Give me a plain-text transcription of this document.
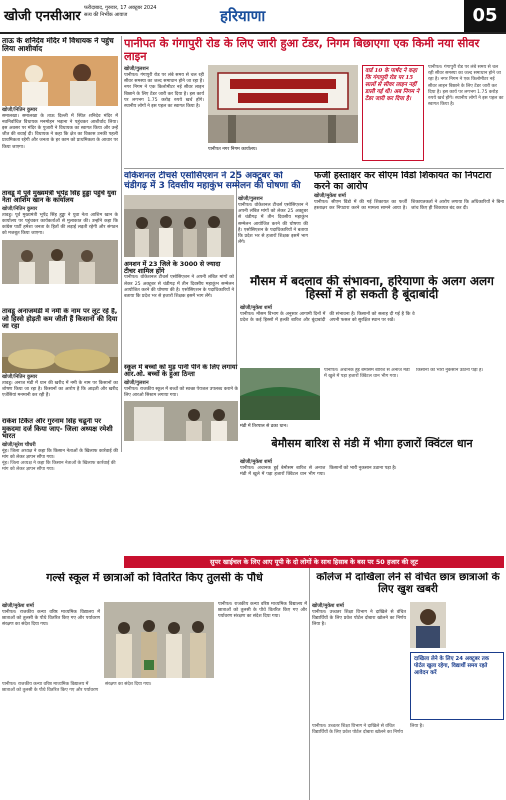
खोजी एनसीआर
फरीदाबाद, गुरुवार, 17 अक्टूबर 2024
सत्य की निर्भीक आवाज	हरियाणा	05
ताऊ के शनिदेव मंदिर में विधायक ने पहुंच लिया आशीर्वाद
खोजी/नितिन कुमार
समालखा। समालखा के ताऊ दिल्ली में स्थित शनिदेव मंदिर में नवनिर्वाचित विधायक मनमोहन भड़ाना ने पहुंचकर आशीर्वाद लिया। इस अवसर पर मंदिर के पुजारी ने विधायक का स्वागत किया और उन्हें जीत की बधाई दी। विधायक ने कहा कि क्षेत्र का विकास उनकी पहली प्राथमिकता रहेगी और जनता के हर काम को प्राथमिकता के आधार पर किया जाएगा।
पानीपत के गंगापुरी रोड के लिए जारी हुआ टेंडर, निगम बिछाएगा एक किमी नया सीवर लाइन
खोजी/गुलशन
पानीपत। गंगापुरी रोड पर लंबे समय से चल रही सीवर समस्या का जल्द समाधान होने जा रहा है। नगर निगम ने एक किलोमीटर नई सीवर लाइन बिछाने के लिए टेंडर जारी कर दिया है। इस कार्य पर लगभग 1.75 करोड़ रुपये खर्च होंगे। स्थानीय लोगों ने इस पहल का स्वागत किया है।
पानीपत नगर निगम कार्यालय।
वार्ड 10 के पार्षद ने कहा कि गंगापुरी रोड पर 15 सालों से सीवर लाइन नहीं डाली गई थी। अब निगम ने टेंडर जारी कर दिया है।
पानीपत। गंगापुरी रोड पर लंबे समय से चल रही सीवर समस्या का जल्द समाधान होने जा रहा है। नगर निगम ने एक किलोमीटर नई सीवर लाइन बिछाने के लिए टेंडर जारी कर दिया है। इस कार्य पर लगभग 1.75 करोड़ रुपये खर्च होंगे। स्थानीय लोगों ने इस पहल का स्वागत किया है।
तावडू में पूर्व मुख्यमंत्री भूपेंद्र सिंह हुड्डा पहुंचे युवा नेता आशिम खान के कार्यालय
खोजी/नितिन कुमार
तावडू। पूर्व मुख्यमंत्री भूपेंद्र सिंह हुड्डा ने युवा नेता आशिम खान के कार्यालय पर पहुंचकर कार्यकर्ताओं से मुलाकात की। उन्होंने कहा कि कांग्रेस पार्टी हमेशा जनता के हितों की लड़ाई लड़ती रहेगी और संगठन को मजबूत किया जाएगा।
वोकेशनल टीचर्स एसोसिएशन ने 25 अक्टूबर को चंडीगढ़ में 3 दिवसीय महाकुंभ सम्मेलन की घोषणा की
खोजी/गुलशन
पानीपत। वोकेशनल टीचर्स एसोसिएशन ने अपनी लंबित मांगों को लेकर 25 अक्टूबर से चंडीगढ़ में तीन दिवसीय महाकुंभ सम्मेलन आयोजित करने की घोषणा की है। एसोसिएशन के पदाधिकारियों ने बताया कि प्रदेश भर से हजारों शिक्षक इसमें भाग लेंगे।
अनशन में 23 जिले के 3000 से ज्यादा टीचर शामिल होंगे
पानीपत। वोकेशनल टीचर्स एसोसिएशन ने अपनी लंबित मांगों को लेकर 25 अक्टूबर से चंडीगढ़ में तीन दिवसीय महाकुंभ सम्मेलन आयोजित करने की घोषणा की है। एसोसिएशन के पदाधिकारियों ने बताया कि प्रदेश भर से हजारों शिक्षक इसमें भाग लेंगे।
फर्जी हस्ताक्षर कर सीएम विंडो शिकायत का निपटारा करने का आरोप
खोजी/मुकेश शर्मा
पानीपत। सीएम विंडो में की गई शिकायत का फर्जी हस्ताक्षर कर निपटारा करने का मामला सामने आया है। शिकायतकर्ता ने आरोप लगाया कि अधिकारियों ने बिना जांच किए ही शिकायत बंद कर दी।
तावडू अनाजमंडी में नमी के नाम पर लूट रहे हैं, जो हिस्से होड़ती कम जीती हैं किसानों की दिया जा रहा
खोजी/नितिन कुमार
तावडू। अनाज मंडी में धान की खरीद में नमी के नाम पर किसानों का शोषण किया जा रहा है। किसानों का आरोप है कि आढ़ती और खरीद एजेंसियां मनमानी कर रही हैं।
मौसम में बदलाव की संभावना, हरियाणा के अलग अलग हिस्सों में हो सकती है बूंदाबांदी
खोजी/मुकेश शर्मा
पानीपत। मौसम विभाग के अनुसार आगामी दिनों में प्रदेश के कई हिस्सों में हल्की बारिश और बूंदाबांदी की संभावना है। किसानों को सलाह दी गई है कि वे अपनी फसल को सुरक्षित स्थान पर रखें।
स्कूल में बच्चों को मुड़ पानी पीने के लिए लगाया आर.ओ. बच्चों के हुआ ठिन्ता
खोजी/गुलशन
पानीपत। राजकीय स्कूल में बच्चों को स्वच्छ पेयजल उपलब्ध कराने के लिए आरओ सिस्टम लगाया गया।
मंडी में तिरपाल से ढका धान।
पानीपत। अचानक हुई बेमौसम बारिश से अनाज मंडी में खुले में पड़ा हजारों क्विंटल धान भीग गया। किसानों को भारी नुकसान उठाना पड़ा है।
बेमौसम बारिश से मंडी में भीगा हजारों क्विंटल धान
खोजी/मुकेश शर्मा
पानीपत। अचानक हुई बेमौसम बारिश से अनाज मंडी में खुले में पड़ा हजारों क्विंटल धान भीग गया। किसानों को भारी नुकसान उठाना पड़ा है।
राकेश टिकैत और गुरनाम सिंह चढूनी पर मुकदमा दर्ज किया जाए- जिला अध्यक्ष रमेशी भारत
खोजी/सुरेश चौधरी
नूंह। जिला अध्यक्ष ने कहा कि किसान नेताओं के खिलाफ कार्रवाई की मांग को लेकर ज्ञापन सौंपा गया।
नूंह। जिला अध्यक्ष ने कहा कि किसान नेताओं के खिलाफ कार्रवाई की मांग को लेकर ज्ञापन सौंपा गया।
सुपर खाईचल के लिए आए यूपी के दो लोगों के साथ हिसाब के बस पर 50 हजार की लूट
गर्ल्स स्कूल में छात्राओं को वितरित किए तुलसी के पौधे
खोजी/मुकेश शर्मा
पानीपत। राजकीय कन्या वरिष्ठ माध्यमिक विद्यालय में छात्राओं को तुलसी के पौधे वितरित किए गए और पर्यावरण संरक्षण का संदेश दिया गया।
पानीपत। राजकीय कन्या वरिष्ठ माध्यमिक विद्यालय में छात्राओं को तुलसी के पौधे वितरित किए गए और पर्यावरण संरक्षण का संदेश दिया गया।
पानीपत। राजकीय कन्या वरिष्ठ माध्यमिक विद्यालय में छात्राओं को तुलसी के पौधे वितरित किए गए और पर्यावरण संरक्षण का संदेश दिया गया।
कॉलेज में दाखिला लेने से वंचित छात्र छात्राओं के लिए खुश खबरी
खोजी/मुकेश शर्मा
पानीपत। उच्चतर शिक्षा विभाग ने दाखिले से वंचित विद्यार्थियों के लिए प्रवेश पोर्टल दोबारा खोलने का निर्णय लिया है।
दाखिला लेने के लिए 24 अक्टूबर तक पोर्टल खुला रहेगा, विद्यार्थी समय रहते आवेदन करें
पानीपत। उच्चतर शिक्षा विभाग ने दाखिले से वंचित विद्यार्थियों के लिए प्रवेश पोर्टल दोबारा खोलने का निर्णय लिया है।
